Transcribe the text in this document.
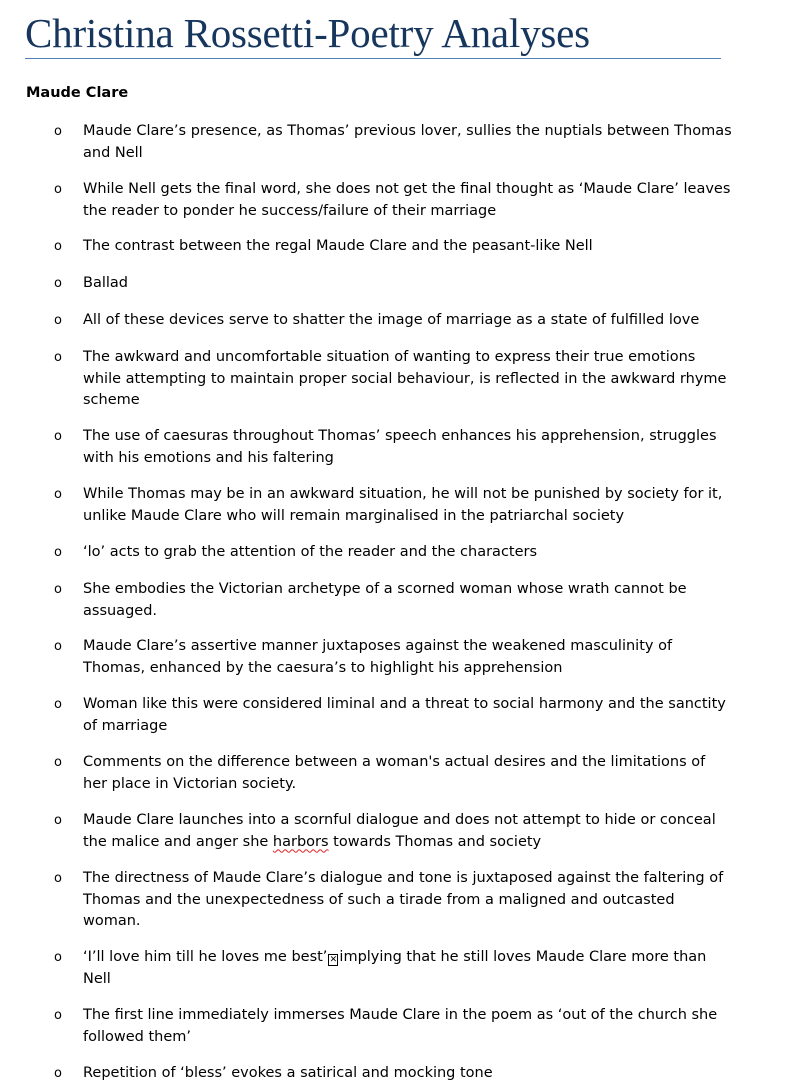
Christina Rossetti-Poetry Analyses
Maude Clare
o Maude Clare’s presence, as Thomas’ previous lover, sullies the nuptials between Thomas and Nell
o While Nell gets the final word, she does not get the final thought as ‘Maude Clare’ leaves the reader to ponder he success/failure of their marriage
o The contrast between the regal Maude Clare and the peasant-like Nell
o Ballad
o All of these devices serve to shatter the image of marriage as a state of fulfilled love
o The awkward and uncomfortable situation of wanting to express their true emotions while attempting to maintain proper social behaviour, is reflected in the awkward rhyme scheme
o The use of caesuras throughout Thomas’ speech enhances his apprehension, struggles with his emotions and his faltering
o While Thomas may be in an awkward situation, he will not be punished by society for it, unlike Maude Clare who will remain marginalised in the patriarchal society
o ‘lo’ acts to grab the attention of the reader and the characters
o She embodies the Victorian archetype of a scorned woman whose wrath cannot be assuaged.
o Maude Clare’s assertive manner juxtaposes against the weakened masculinity of Thomas, enhanced by the caesura’s to highlight his apprehension
o Woman like this were considered liminal and a threat to social harmony and the sanctity of marriage
o Comments on the difference between a woman's actual desires and the limitations of her place in Victorian society.
o Maude Clare launches into a scornful dialogue and does not attempt to hide or conceal the malice and anger she harbors towards Thomas and society
o The directness of Maude Clare’s dialogue and tone is juxtaposed against the faltering of Thomas and the unexpectedness of such a tirade from a maligned and outcasted woman.
o ‘I’ll love him till he loves me best’ ✕ implying that he still loves Maude Clare more than Nell
o The first line immediately immerses Maude Clare in the poem as ‘out of the church she followed them’
o Repetition of ‘bless’ evokes a satirical and mocking tone
